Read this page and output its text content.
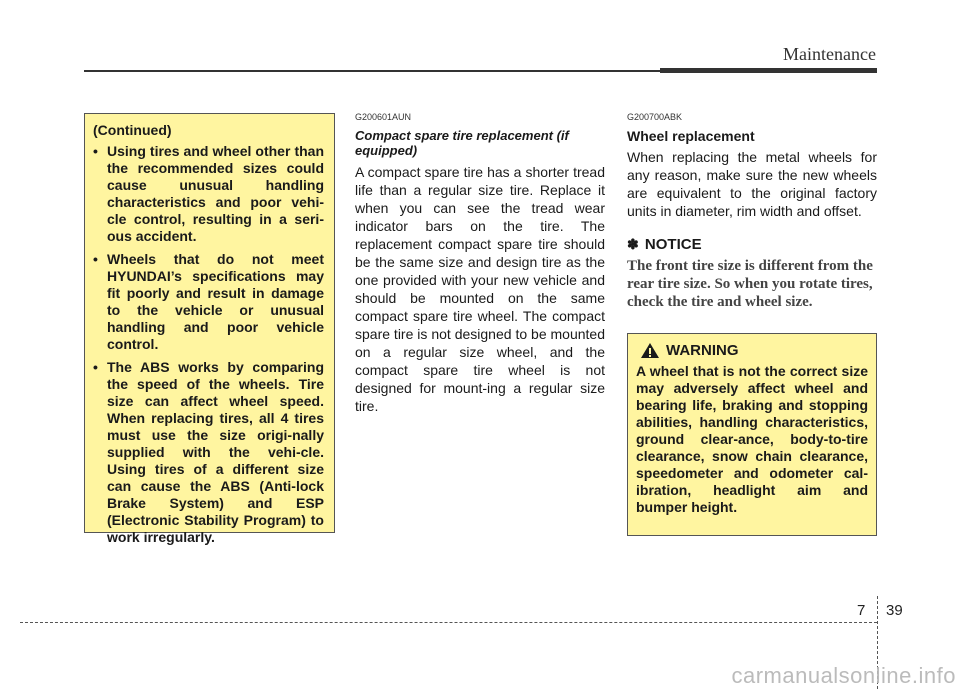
Maintenance

(Continued)

• Using tires and wheel other than the recommended sizes could cause unusual handling characteristics and poor vehi-cle control, resulting in a seri-ous accident.
• Wheels that do not meet HYUNDAI’s specifications may fit poorly and result in damage to the vehicle or unusual handling and poor vehicle control.
• The ABS works by comparing the speed of the wheels. Tire size can affect wheel speed. When replacing tires, all 4 tires must use the size origi-nally supplied with the vehi-cle. Using tires of a different size can cause the ABS (Anti-lock Brake System) and ESP (Electronic Stability Program) to work irregularly.

G200601AUN

Compact spare tire replacement (if equipped)

A compact spare tire has a shorter tread life than a regular size tire. Replace it when you can see the tread wear indicator bars on the tire. The replacement compact spare tire should be the same size and design tire as the one provided with your new vehicle and should be mounted on the same compact spare tire wheel. The compact spare tire is not designed to be mounted on a regular size wheel, and the compact spare tire wheel is not designed for mount-ing a regular size tire.

G200700ABK

Wheel replacement

When replacing the metal wheels for any reason, make sure the new wheels are equivalent to the original factory units in diameter, rim width and offset.

✽ NOTICE
The front tire size is different from the rear tire size. So when you rotate tires, check the tire and wheel size.
WARNING

A wheel that is not the correct size may adversely affect wheel and bearing life, braking and stopping abilities, handling characteristics, ground clear-ance, body-to-tire clearance, snow chain clearance, speedometer and odometer cal-ibration, headlight aim and bumper height.

7 39
carmanualsonline.info
